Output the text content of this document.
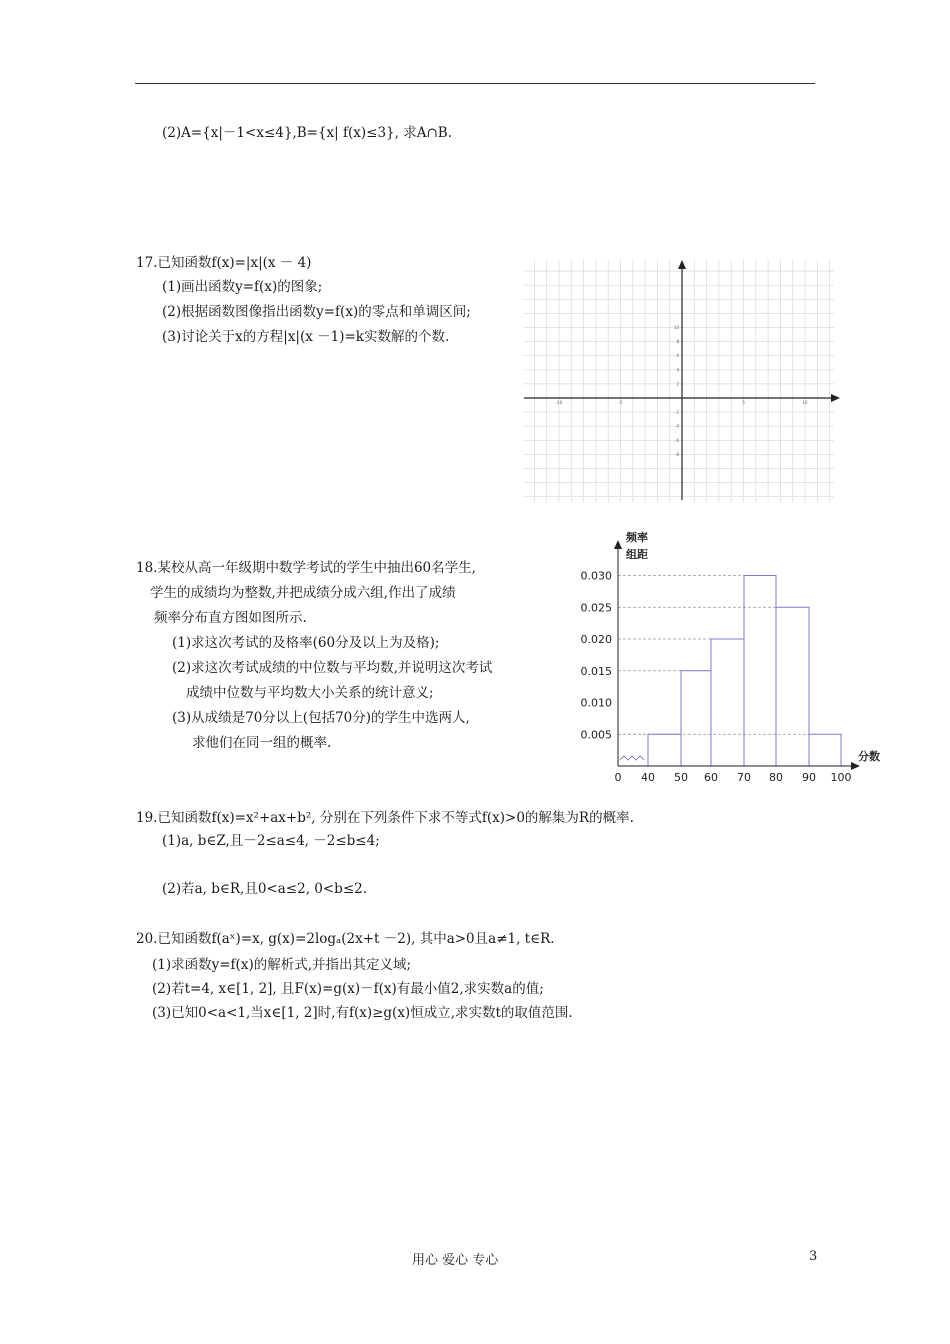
(2)A={x|－1<x≤4},B={x| f(x)≤3}, 求A∩B.
17.已知函数f(x)=|x|(x － 4)
(1)画出函数y=f(x)的图象;
(2)根据函数图像指出函数y=f(x)的零点和单调区间;
(3)讨论关于x的方程|x|(x －1)=k实数解的个数.
-10	-5	5	10
10
8
6
4
2
-2
-4
-6
-8
18.某校从高一年级期中数学考试的学生中抽出60名学生,
学生的成绩均为整数,并把成绩分成六组,作出了成绩
频率分布直方图如图所示.
(1)求这次考试的及格率(60分及以上为及格);
(2)求这次考试成绩的中位数与平均数,并说明这次考试
成绩中位数与平均数大小关系的统计意义;
(3)从成绩是70分以上(包括70分)的学生中选两人,
求他们在同一组的概率.
频率
组距
分数
0.030
0.025
0.020
0.015
0.010
0.005
0 40 50 60 70 80 90 100
19.已知函数f(x)=x²+ax+b², 分别在下列条件下求不等式f(x)>0的解集为R的概率.
(1)a, b∈Z,且－2≤a≤4, －2≤b≤4;
(2)若a, b∈R,且0<a≤2, 0<b≤2.
20.已知函数f(aˣ)=x, g(x)=2logₐ(2x+t －2), 其中a>0且a≠1, t∈R.
(1)求函数y=f(x)的解析式,并指出其定义域;
(2)若t=4, x∈[1, 2], 且F(x)=g(x)－f(x)有最小值2,求实数a的值;
(3)已知0<a<1,当x∈[1, 2]时,有f(x)≥g(x)恒成立,求实数t的取值范围.
用心 爱心 专心	3
